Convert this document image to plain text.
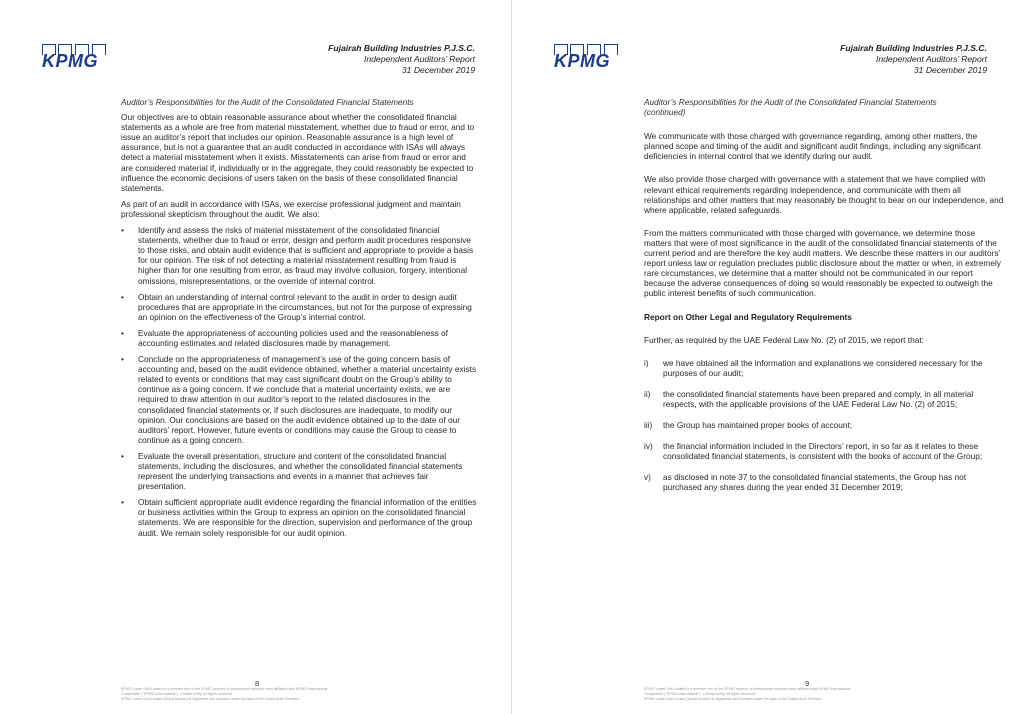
KPMG
Fujairah Building Industries P.J.S.C.
Independent Auditors’ Report
31 December 2019
Auditor’s Responsibilities for the Audit of the Consolidated Financial Statements

Our objectives are to obtain reasonable assurance about whether the consolidated financial statements as a whole are free from material misstatement, whether due to fraud or error, and to issue an auditor’s report that includes our opinion. Reasonable assurance is a high level of assurance, but is not a guarantee that an audit conducted in accordance with ISAs will always detect a material misstatement when it exists. Misstatements can arise from fraud or error and are considered material if, individually or in the aggregate, they could reasonably be expected to influence the economic decisions of users taken on the basis of these consolidated financial statements.

As part of an audit in accordance with ISAs, we exercise professional judgment and maintain professional skepticism throughout the audit. We also:

• Identify and assess the risks of material misstatement of the consolidated financial statements, whether due to fraud or error, design and perform audit procedures responsive to those risks, and obtain audit evidence that is sufficient and appropriate to provide a basis for our opinion. The risk of not detecting a material misstatement resulting from fraud is higher than for one resulting from error, as fraud may involve collusion, forgery, intentional omissions, misrepresentations, or the override of internal control.
• Obtain an understanding of internal control relevant to the audit in order to design audit procedures that are appropriate in the circumstances, but not for the purpose of expressing an opinion on the effectiveness of the Group’s internal control.
• Evaluate the appropriateness of accounting policies used and the reasonableness of accounting estimates and related disclosures made by management.
• Conclude on the appropriateness of management’s use of the going concern basis of accounting and, based on the audit evidence obtained, whether a material uncertainty exists related to events or conditions that may cast significant doubt on the Group’s ability to continue as a going concern. If we conclude that a material uncertainty exists, we are required to draw attention in our auditor’s report to the related disclosures in the consolidated financial statements or, if such disclosures are inadequate, to modify our opinion. Our conclusions are based on the audit evidence obtained up to the date of our auditors’ report. However, future events or conditions may cause the Group to cease to continue as a going concern.
• Evaluate the overall presentation, structure and content of the consolidated financial statements, including the disclosures, and whether the consolidated financial statements represent the underlying transactions and events in a manner that achieves fair presentation.
• Obtain sufficient appropriate audit evidence regarding the financial information of the entities or business activities within the Group to express an opinion on the consolidated financial statements. We are responsible for the direction, supervision and performance of the group audit. We remain solely responsible for our audit opinion.
8
KPMG Lower Gulf Limited is a member firm of the KPMG network of independent member firms affiliated with KPMG International
Cooperative ("KPMG International"), a Swiss entity. All rights reserved.
KPMG Lower Gulf Limited (Dubai Branch) is registered and licensed under the laws of the United Arab Emirates.
KPMG
Fujairah Building Industries P.J.S.C.
Independent Auditors’ Report
31 December 2019
Auditor’s Responsibilities for the Audit of the Consolidated Financial Statements
(continued)

We communicate with those charged with governance regarding, among other matters, the planned scope and timing of the audit and significant audit findings, including any significant deficiencies in internal control that we identify during our audit.

We also provide those charged with governance with a statement that we have complied with relevant ethical requirements regarding independence, and communicate with them all relationships and other matters that may reasonably be thought to bear on our independence, and where applicable, related safeguards.

From the matters communicated with those charged with governance, we determine those matters that were of most significance in the audit of the consolidated financial statements of the current period and are therefore the key audit matters. We describe these matters in our auditors’ report unless law or regulation precludes public disclosure about the matter or when, in extremely rare circumstances, we determine that a matter should not be communicated in our report because the adverse consequences of doing so would reasonably be expected to outweigh the public interest benefits of such communication.

Report on Other Legal and Regulatory Requirements

Further, as required by the UAE Federal Law No. (2) of 2015, we report that:

i) we have obtained all the information and explanations we considered necessary for the purposes of our audit;
ii) the consolidated financial statements have been prepared and comply, in all material respects, with the applicable provisions of the UAE Federal Law No. (2) of 2015;
iii) the Group has maintained proper books of account;
iv) the financial information included in the Directors’ report, in so far as it relates to these consolidated financial statements, is consistent with the books of account of the Group;
v) as disclosed in note 37 to the consolidated financial statements, the Group has not purchased any shares during the year ended 31 December 2019;
9
KPMG Lower Gulf Limited is a member firm of the KPMG network of independent member firms affiliated with KPMG International
Cooperative ("KPMG International"), a Swiss entity. All rights reserved.
KPMG Lower Gulf Limited (Dubai Branch) is registered and licensed under the laws of the United Arab Emirates.
